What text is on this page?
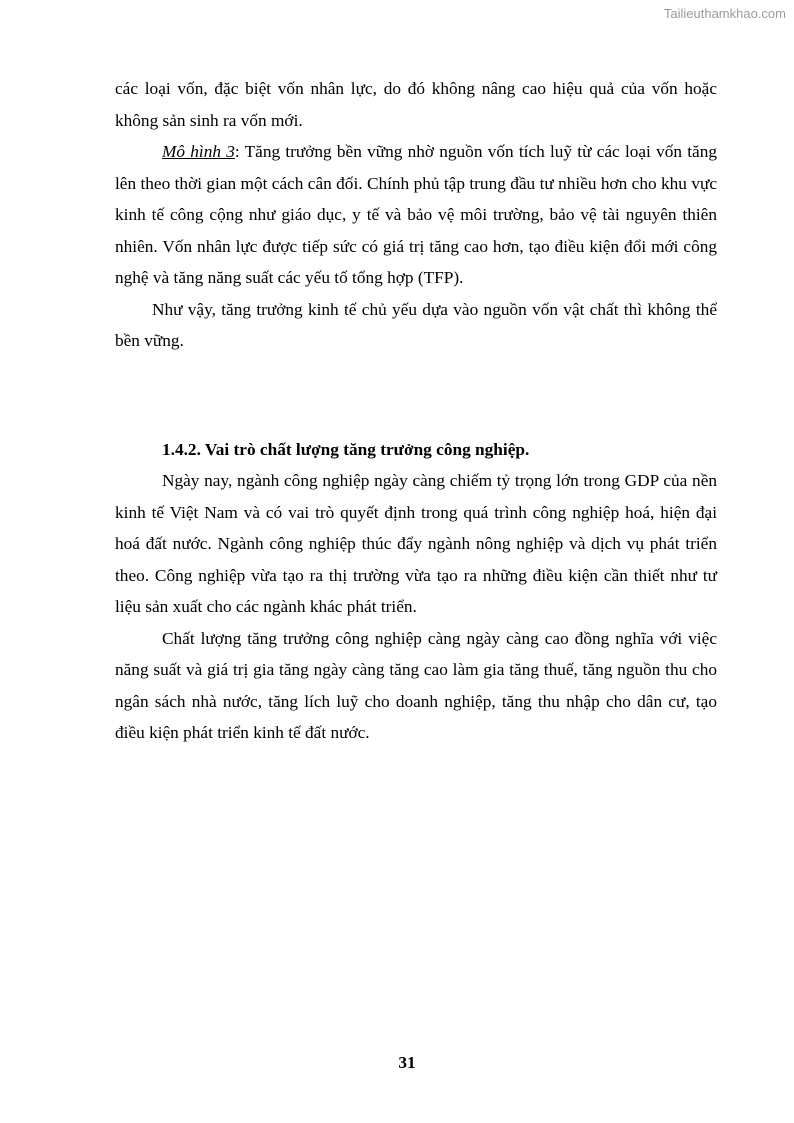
Tailieuthamkhao.com

các loại vốn, đặc biệt vốn nhân lực, do đó không nâng cao hiệu quả của vốn hoặc không sản sinh ra vốn mới.

Mô hình 3: Tăng trưởng bền vững nhờ nguồn vốn tích luỹ từ các loại vốn tăng lên theo thời gian một cách cân đối. Chính phủ tập trung đầu tư nhiều hơn cho khu vực kinh tế công cộng như giáo dục, y tế và bảo vệ môi trường, bảo vệ tài nguyên thiên nhiên. Vốn nhân lực được tiếp sức có giá trị tăng cao hơn, tạo điều kiện đổi mới công nghệ và tăng năng suất các yếu tố tổng hợp (TFP).

Như vậy, tăng trưởng kinh tế chủ yếu dựa vào nguồn vốn vật chất thì không thể bền vững.

1.4.2. Vai trò chất lượng tăng trưởng công nghiệp.

Ngày nay, ngành công nghiệp ngày càng chiếm tỷ trọng lớn trong GDP của nền kinh tế Việt Nam và có vai trò quyết định trong quá trình công nghiệp hoá, hiện đại hoá đất nước. Ngành công nghiệp thúc đẩy ngành nông nghiệp và dịch vụ phát triển theo. Công nghiệp vừa tạo ra thị trường vừa tạo ra những điều kiện cần thiết như tư liệu sản xuất cho các ngành khác phát triển.

Chất lượng tăng trưởng công nghiệp càng ngày càng cao đồng nghĩa với việc năng suất và giá trị gia tăng ngày càng tăng cao làm gia tăng thuế, tăng nguồn thu cho ngân sách nhà nước, tăng lích luỹ cho doanh nghiệp, tăng thu nhập cho dân cư, tạo điều kiện phát triển kinh tế đất nước.

31
